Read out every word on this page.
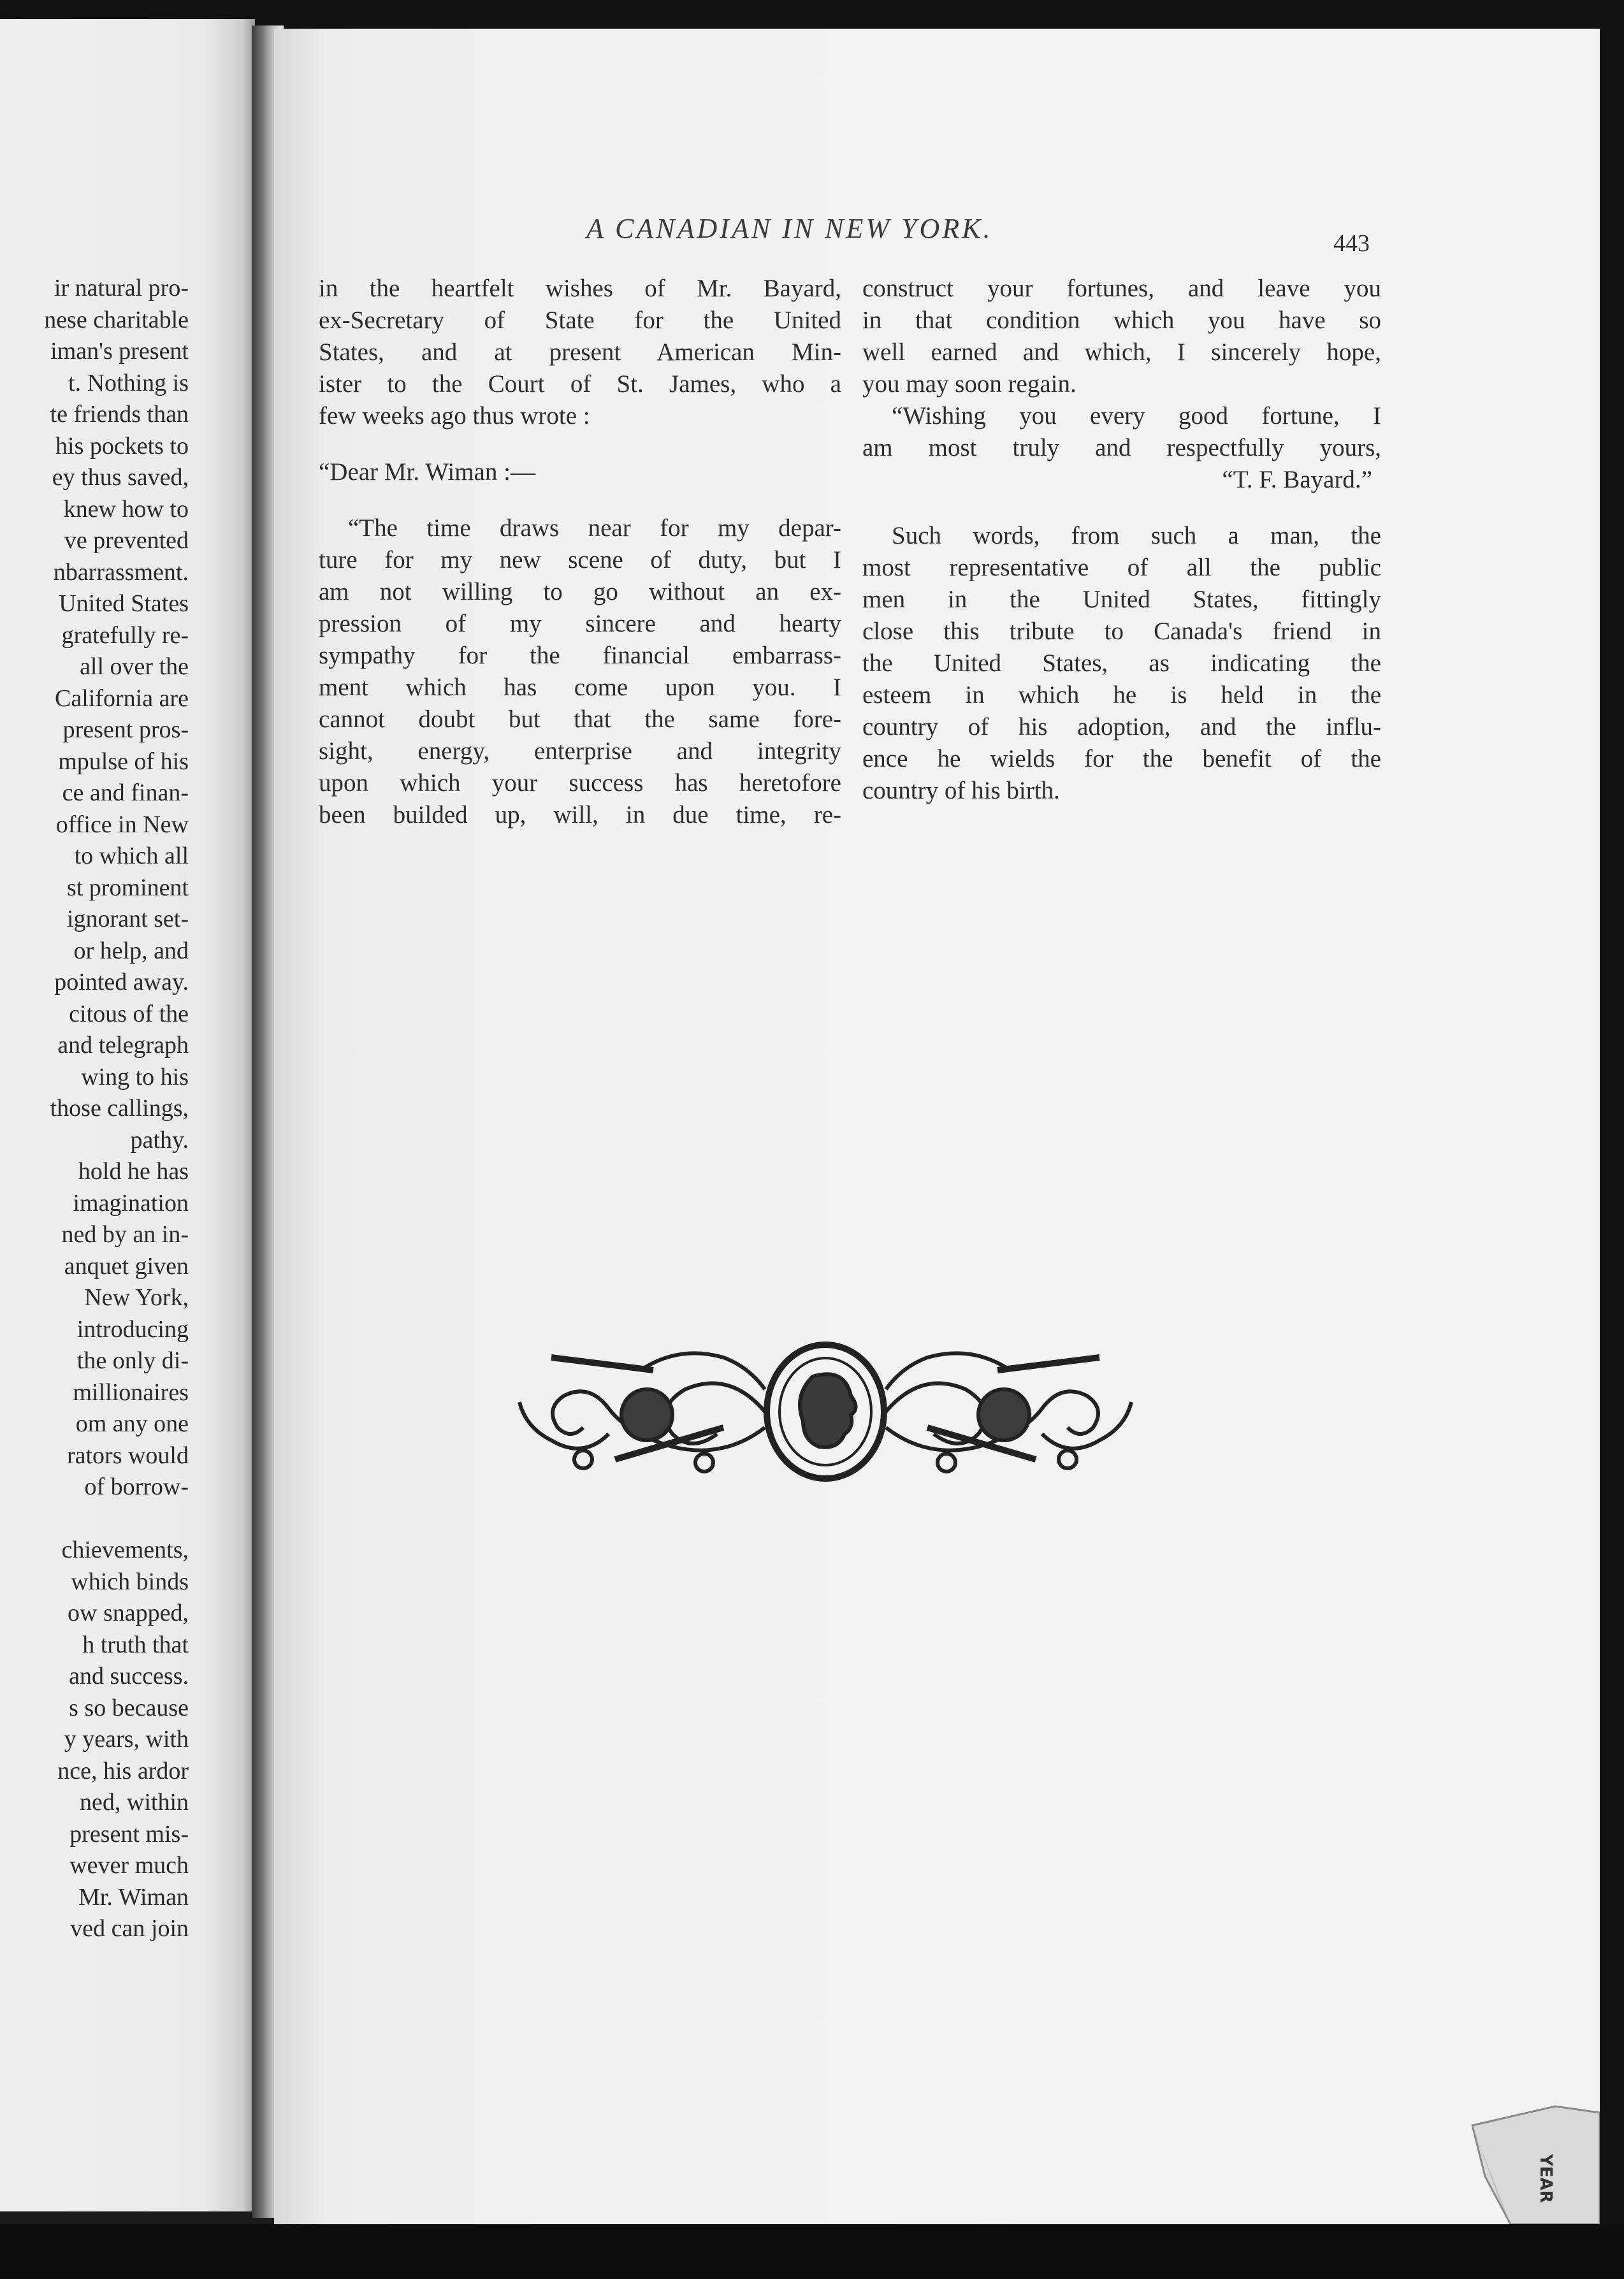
ir natural pro-
nese charitable
iman's present
t. Nothing is
te friends than
his pockets to
ey thus saved,
knew how to
ve prevented
nbarrassment.
United States
gratefully re-
all over the
California are
present pros-
mpulse of his
ce and finan-
office in New
to which all
st prominent
ignorant set-
or help, and
pointed away.
citous of the
and telegraph
wing to his
those callings,
pathy.
hold he has
imagination
ned by an in-
anquet given
New York,
introducing
the only di-
millionaires
om any one
rators would
of borrow-
chievements,
which binds
ow snapped,
h truth that
and success.
s so because
y years, with
nce, his ardor
ned, within
present mis-
wever much
Mr. Wiman
ved can join
A CANADIAN IN NEW YORK.	443
in the heartfelt wishes of Mr. Bayard,
ex-Secretary of State for the United
States, and at present American Min-
ister to the Court of St. James, who a
few weeks ago thus wrote :
“Dear Mr. Wiman :—
“The time draws near for my depar-
ture for my new scene of duty, but I
am not willing to go without an ex-
pression of my sincere and hearty
sympathy for the financial embarrass-
ment which has come upon you. I
cannot doubt but that the same fore-
sight, energy, enterprise and integrity
upon which your success has heretofore
been builded up, will, in due time, re-
construct your fortunes, and leave you
in that condition which you have so
well earned and which, I sincerely hope,
you may soon regain.
“Wishing you every good fortune, I
am most truly and respectfully yours,
“T. F. Bayard.”
Such words, from such a man, the
most representative of all the public
men in the United States, fittingly
close this tribute to Canada's friend in
the United States, as indicating the
esteem in which he is held in the
country of his adoption, and the influ-
ence he wields for the benefit of the
country of his birth.
YEAR
